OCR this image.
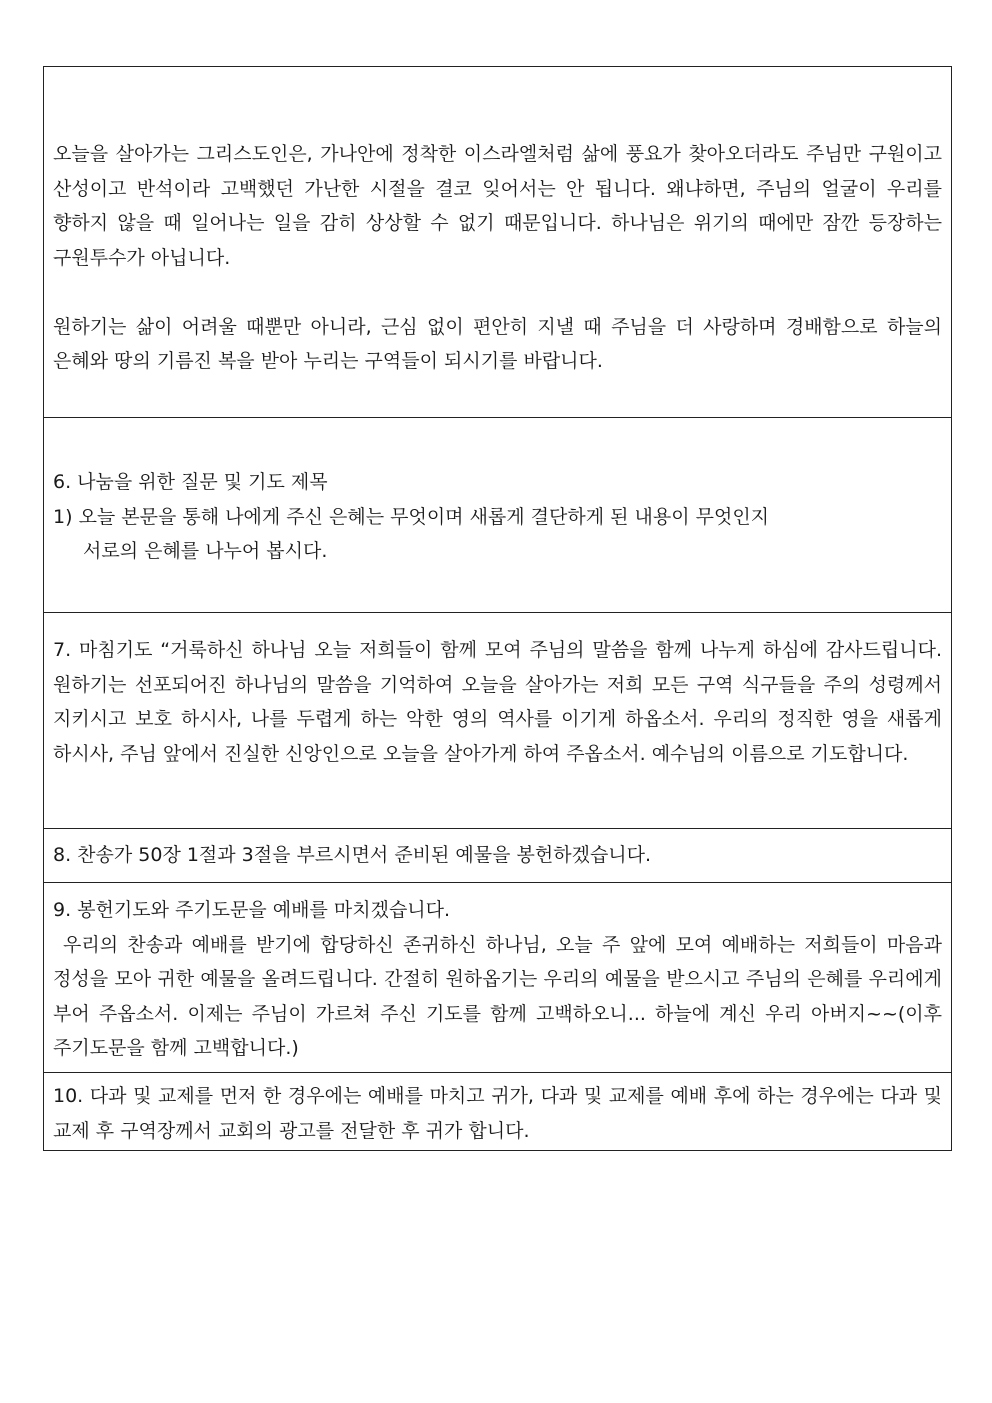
오늘을 살아가는 그리스도인은, 가나안에 정착한 이스라엘처럼 삶에 풍요가 찾아오더라도 주님만 구원이고 산성이고 반석이라 고백했던 가난한 시절을 결코 잊어서는 안 됩니다. 왜냐하면, 주님의 얼굴이 우리를 향하지 않을 때 일어나는 일을 감히 상상할 수 없기 때문입니다. 하나님은 위기의 때에만 잠깐 등장하는 구원투수가 아닙니다.

원하기는 삶이 어려울 때뿐만 아니라, 근심 없이 편안히 지낼 때 주님을 더 사랑하며 경배함으로 하늘의 은혜와 땅의 기름진 복을 받아 누리는 구역들이 되시기를 바랍니다.

6. 나눔을 위한 질문 및 기도 제목

1) 오늘 본문을 통해 나에게 주신 은혜는 무엇이며 새롭게 결단하게 된 내용이 무엇인지

서로의 은혜를 나누어 봅시다.

7. 마침기도 “거룩하신 하나님 오늘 저희들이 함께 모여 주님의 말씀을 함께 나누게 하심에 감사드립니다. 원하기는 선포되어진 하나님의 말씀을 기억하여 오늘을 살아가는 저희 모든 구역 식구들을 주의 성령께서 지키시고 보호 하시사, 나를 두렵게 하는 악한 영의 역사를 이기게 하옵소서. 우리의 정직한 영을 새롭게 하시사, 주님 앞에서 진실한 신앙인으로 오늘을 살아가게 하여 주옵소서. 예수님의 이름으로 기도합니다.

8. 찬송가 50장 1절과 3절을 부르시면서 준비된 예물을 봉헌하겠습니다.

9. 봉헌기도와 주기도문을 예배를 마치겠습니다.

우리의 찬송과 예배를 받기에 합당하신 존귀하신 하나님, 오늘 주 앞에 모여 예배하는 저희들이 마음과 정성을 모아 귀한 예물을 올려드립니다. 간절히 원하옵기는 우리의 예물을 받으시고 주님의 은혜를 우리에게 부어 주옵소서. 이제는 주님이 가르쳐 주신 기도를 함께 고백하오니... 하늘에 계신 우리 아버지~~(이후 주기도문을 함께 고백합니다.)

10. 다과 및 교제를 먼저 한 경우에는 예배를 마치고 귀가, 다과 및 교제를 예배 후에 하는 경우에는 다과 및 교제 후 구역장께서 교회의 광고를 전달한 후 귀가 합니다.
